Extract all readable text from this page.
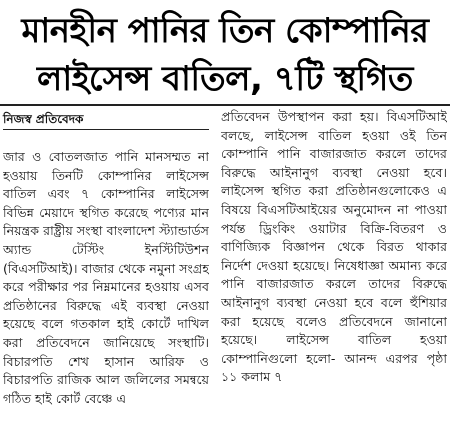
মানহীন পানির তিন কোম্পানির
লাইসেন্স বাতিল, ৭টি স্থগিত
নিজস্ব প্রতিবেদক

জার ও বোতলজাত পানি মানসম্মত না হওয়ায় তিনটি কোম্পানির লাইসেন্স বাতিল এবং ৭ কোম্পানির লাইসেন্স বিভিন্ন মেয়াদে স্থগিত করেছে পণ্যের মান নিয়ন্ত্রক রাষ্ট্রীয় সংস্থা বাংলাদেশ স্ট্যান্ডার্ডস অ্যান্ড টেস্টিং ইনস্টিটিউশন (বিএসটিআই)। বাজার থেকে নমুনা সংগ্রহ করে পরীক্ষার পর নিম্নমানের হওয়ায় এসব প্রতিষ্ঠানের বিরুদ্ধে এই ব্যবস্থা নেওয়া হয়েছে বলে গতকাল হাই কোর্টে দাখিল করা প্রতিবেদনে জানিয়েছে সংস্থাটি। বিচারপতি শেখ হাসান আরিফ ও বিচারপতি রাজিক আল জলিলের সমন্বয়ে গঠিত হাই কোর্ট বেঞ্চে এ

প্রতিবেদন উপস্থাপন করা হয়। বিএসটিআই বলছে, লাইসেন্স বাতিল হওয়া ওই তিন কোম্পানি পানি বাজারজাত করলে তাদের বিরুদ্ধে আইনানুগ ব্যবস্থা নেওয়া হবে। লাইসেন্স স্থগিত করা প্রতিষ্ঠানগুলোকেও এ বিষয়ে বিএসটিআইয়ের অনুমোদন না পাওয়া পর্যন্ত ড্রিংকিং ওয়াটার বিক্রি-বিতরণ ও বাণিজ্যিক বিজ্ঞাপন থেকে বিরত থাকার নির্দেশ দেওয়া হয়েছে। নিষেধাজ্ঞা অমান্য করে পানি বাজারজাত করলে তাদের বিরুদ্ধে আইনানুগ ব্যবস্থা নেওয়া হবে বলে হুঁশিয়ার করা হয়েছে বলেও প্রতিবেদনে জানানো হয়েছে। লাইসেন্স বাতিল হওয়া কোম্পানিগুলো হলো- আনন্দ এরপর পৃষ্ঠা ১১ কলাম ৭
